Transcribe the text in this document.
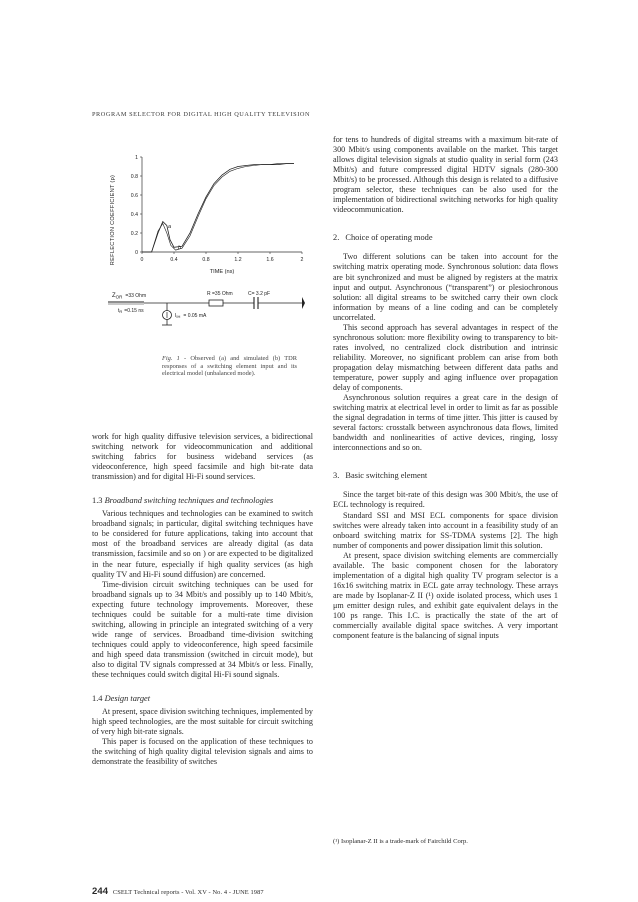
PROGRAM SELECTOR FOR DIGITAL HIGH QUALITY TELEVISION
REFLECTION COEFFICIENT (ρ)
1
0.8
0.6
0.4
0.2
0
0	0.4	0.8	1.2	1.6	2
a
b
TIME (ns)
$Z_{OR}$ $^{=33 Ohm}$
$t_R =0.15$ ns
R =35 Ohm	C= 3.2 pF
$I_{IH} = 0.05$ mA
Fig. 1 - Observed (a) and simulated (b) TDR responses of a switching element input and its electrical model (unbalanced mode).

work for high quality diffusive television services, a bidirectional switching network for videocommunication and additional switching fabrics for business wideband services (as videoconference, high speed facsimile and high bit-rate data transmission) and for digital Hi-Fi sound services.

1.3 Broadband switching techniques and technologies

Various techniques and technologies can be examined to switch broadband signals; in particular, digital switching techniques have to be considered for future applications, taking into account that most of the broadband services are already digital (as data transmission, facsimile and so on ) or are expected to be digitalized in the near future, especially if high quality services (as high quality TV and Hi-Fi sound diffusion) are concerned.

Time-division circuit switching techniques can be used for broadband signals up to 34 Mbit/s and possibly up to 140 Mbit/s, expecting future technology improvements. Moreover, these techniques could be suitable for a multi-rate time division switching, allowing in principle an integrated switching of a very wide range of services. Broadband time-division switching techniques could apply to videoconference, high speed facsimile and high speed data transmission (switched in circuit mode), but also to digital TV signals compressed at 34 Mbit/s or less. Finally, these techniques could switch digital Hi-Fi sound signals.

1.4 Design target

At present, space division switching techniques, implemented by high speed technologies, are the most suitable for circuit switching of very high bit-rate signals.

This paper is focused on the application of these techniques to the switching of high quality digital television signals and aims to demonstrate the feasibility of switches

for tens to hundreds of digital streams with a maximum bit-rate of 300 Mbit/s using components available on the market. This target allows digital television signals at studio quality in serial form (243 Mbit/s) and future compressed digital HDTV signals (280-300 Mbit/s) to be processed. Although this design is related to a diffusive program selector, these techniques can be also used for the implementation of bidirectional switching networks for high quality videocommunication.

2. Choice of operating mode

Two different solutions can be taken into account for the switching matrix operating mode. Synchronous solution: data flows are bit synchronized and must be aligned by registers at the matrix input and output. Asynchronous (“transparent”) or plesiochronous solution: all digital streams to be switched carry their own clock information by means of a line coding and can be completely uncorrelated.

This second approach has several advantages in respect of the synchronous solution: more flexibility owing to transparency to bit-rates involved, no centralized clock distribution and intrinsic reliability. Moreover, no significant problem can arise from both propagation delay mismatching between different data paths and temperature, power supply and aging influence over propagation delay of components.

Asynchronous solution requires a great care in the design of switching matrix at electrical level in order to limit as far as possible the signal degradation in terms of time jitter. This jitter is caused by several factors: crosstalk between asynchronous data flows, limited bandwidth and nonlinearities of active devices, ringing, lossy interconnections and so on.

3. Basic switching element

Since the target bit-rate of this design was 300 Mbit/s, the use of ECL technology is required.

Standard SSI and MSI ECL components for space division switches were already taken into account in a feasibility study of an onboard switching matrix for SS-TDMA systems [2]. The high number of components and power dissipation limit this solution.

At present, space division switching elements are commercially available. The basic component chosen for the laboratory implementation of a digital high quality TV program selector is a 16x16 switching matrix in ECL gate array technology. These arrays are made by Isoplanar-Z II (¹) oxide isolated process, which uses 1 μm emitter design rules, and exhibit gate equivalent delays in the 100 ps range. This I.C. is practically the state of the art of commercially available digital space switches. A very important component feature is the balancing of signal inputs

(¹) Isoplanar-Z II is a trade-mark of Fairchild Corp.
244 CSELT Technical reports - Vol. XV - No. 4 - JUNE 1987
